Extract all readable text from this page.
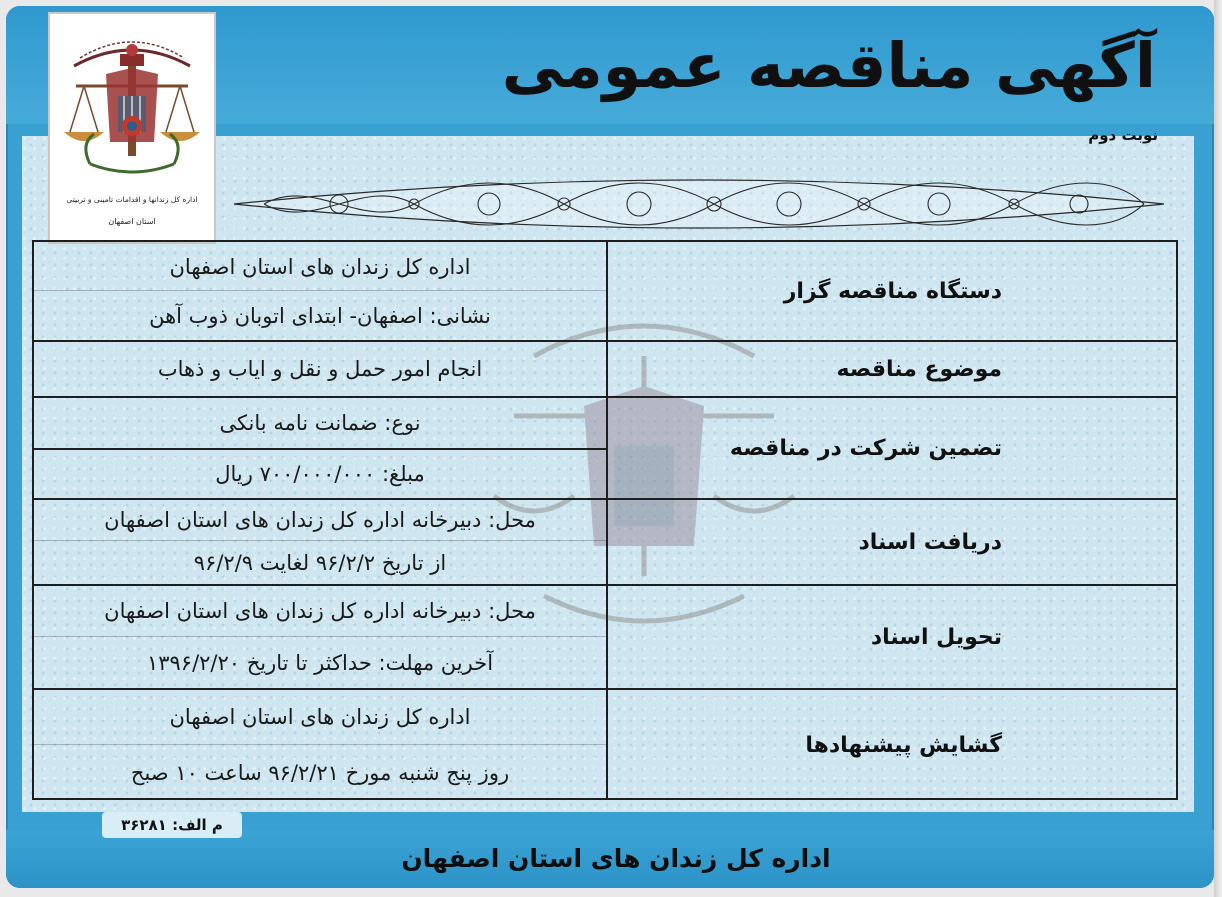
آگهی مناقصه عمومی
نوبت دوم
اداره کل زندانها و اقدامات تامینی و تربیتی
استان اصفهان
م الف: ۳۶۲۸۱
اداره کل زندان های استان اصفهان
دستگاه مناقصه گزار
اداره کل زندان های استان اصفهان
نشانی: اصفهان- ابتدای اتوبان ذوب آهن
موضوع مناقصه
انجام امور حمل و نقل و ایاب و ذهاب
تضمین شرکت در مناقصه
نوع: ضمانت نامه بانکی
مبلغ: ۷۰۰/۰۰۰/۰۰۰ ریال
دریافت اسناد
محل: دبیرخانه اداره کل زندان های استان اصفهان
از تاریخ ۹۶/۲/۲ لغایت ۹۶/۲/۹
تحویل اسناد
محل: دبیرخانه اداره کل زندان های استان اصفهان
آخرین مهلت: حداکثر تا تاریخ ۱۳۹۶/۲/۲۰
گشایش پیشنهادها
اداره کل زندان های استان اصفهان
روز پنج شنبه مورخ ۹۶/۲/۲۱ ساعت ۱۰ صبح
